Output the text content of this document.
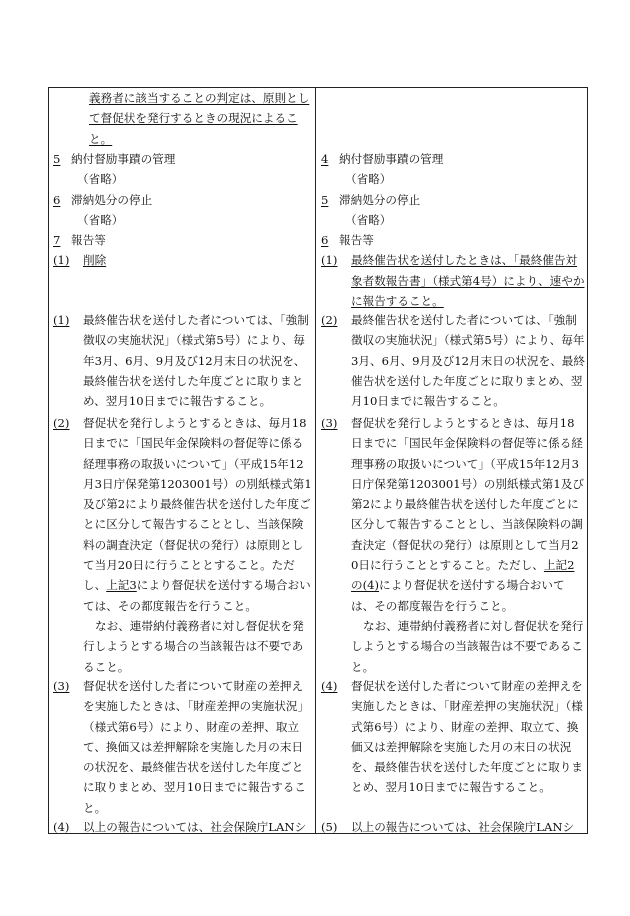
義務者に該当することの判定は、原則として督促状を発行するときの現況によること。

5 納付督励事蹟の管理

（省略）

6 滞納処分の停止

（省略）

7 報告等

(1) 削除

(1) 最終催告状を送付した者については、「強制徴収の実施状況」（様式第5号）により、毎年3月、6月、9月及び12月末日の状況を、最終催告状を送付した年度ごとに取りまとめ、翌月10日までに報告すること。

(2) 督促状を発行しようとするときは、毎月18日までに「国民年金保険料の督促等に係る経理事務の取扱いについて」（平成15年12月3日庁保発第1203001号）の別紙様式第1及び第2により最終催告状を送付した年度ごとに区分して報告することとし、当該保険料の調査決定（督促状の発行）は原則として当月20日に行うこととすること。ただし、上記3により督促状を送付する場合おいては、その都度報告を行うこと。

なお、連帯納付義務者に対し督促状を発行しようとする場合の当該報告は不要であること。

(3) 督促状を送付した者について財産の差押えを実施したときは、「財産差押の実施状況」（様式第6号）により、財産の差押、取立て、換価又は差押解除を実施した月の末日の状況を、最終催告状を送付した年度ごとに取りまとめ、翌月10日までに報告すること。

(4) 以上の報告については、社会保険庁LANシ

4 納付督励事蹟の管理

（省略）

5 滞納処分の停止

（省略）

6 報告等

(1) 最終催告状を送付したときは、「最終催告対象者数報告書」（様式第4号）により、速やかに報告すること。

(2) 最終催告状を送付した者については、「強制徴収の実施状況」（様式第5号）により、毎年3月、6月、9月及び12月末日の状況を、最終催告状を送付した年度ごとに取りまとめ、翌月10日までに報告すること。

(3) 督促状を発行しようとするときは、毎月18日までに「国民年金保険料の督促等に係る経理事務の取扱いについて」（平成15年12月3日庁保発第1203001号）の別紙様式第1及び第2により最終催告状を送付した年度ごとに区分して報告することとし、当該保険料の調査決定（督促状の発行）は原則として当月20日に行うこととすること。ただし、上記2の(4)により督促状を送付する場合おいては、その都度報告を行うこと。

なお、連帯納付義務者に対し督促状を発行しようとする場合の当該報告は不要であること。

(4) 督促状を送付した者について財産の差押えを実施したときは、「財産差押の実施状況」（様式第6号）により、財産の差押、取立て、換価又は差押解除を実施した月の末日の状況を、最終催告状を送付した年度ごとに取りまとめ、翌月10日までに報告すること。

(5) 以上の報告については、社会保険庁LANシ
